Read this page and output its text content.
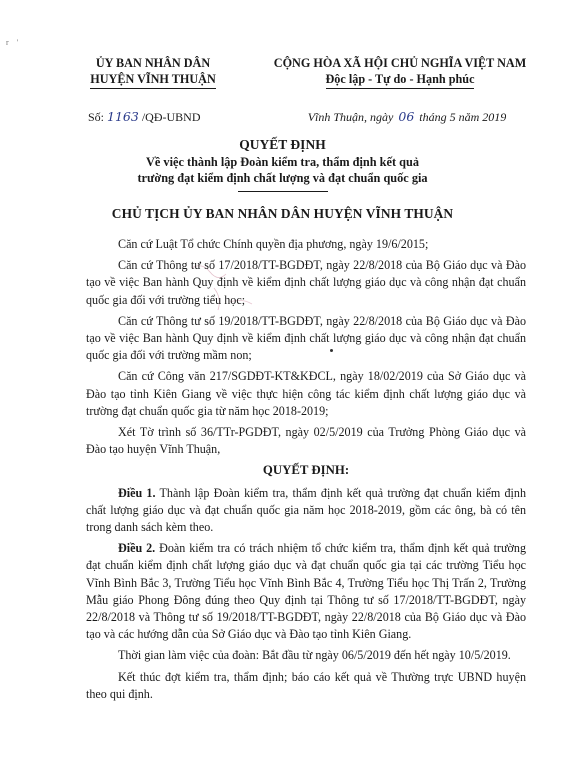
r    '
ỦY BAN NHÂN DÂN
HUYỆN VĨNH THUẬN
CỘNG HÒA XÃ HỘI CHỦ NGHĨA VIỆT NAM
Độc lập - Tự do - Hạnh phúc
Số: 1163 /QĐ-UBND	Vĩnh Thuận, ngày 06 tháng 5 năm 2019
QUYẾT ĐỊNH
Về việc thành lập Đoàn kiểm tra, thẩm định kết quả
trường đạt kiểm định chất lượng và đạt chuẩn quốc gia
CHỦ TỊCH ỦY BAN NHÂN DÂN HUYỆN VĨNH THUẬN

Căn cứ Luật Tổ chức Chính quyền địa phương, ngày 19/6/2015;

Căn cứ Thông tư số 17/2018/TT-BGDĐT, ngày 22/8/2018 của Bộ Giáo dục và Đào tạo về việc Ban hành Quy định về kiểm định chất lượng giáo dục và công nhận đạt chuẩn quốc gia đối với trường tiểu học;

Căn cứ Thông tư số 19/2018/TT-BGDĐT, ngày 22/8/2018 của Bộ Giáo dục và Đào tạo về việc Ban hành Quy định về kiểm định chất lượng giáo dục và công nhận đạt chuẩn quốc gia đối với trường mầm non;

Căn cứ Công văn 217/SGDĐT-KT&KĐCL, ngày 18/02/2019 của Sở Giáo dục và Đào tạo tỉnh Kiên Giang về việc thực hiện công tác kiểm định chất lượng giáo dục và trường đạt chuẩn quốc gia từ năm học 2018-2019;

Xét Tờ trình số 36/TTr-PGDĐT, ngày 02/5/2019 của Trưởng Phòng Giáo dục và Đào tạo huyện Vĩnh Thuận,

QUYẾT ĐỊNH:

Điều 1. Thành lập Đoàn kiểm tra, thẩm định kết quả trường đạt chuẩn kiểm định chất lượng giáo dục và đạt chuẩn quốc gia năm học 2018-2019, gồm các ông, bà có tên trong danh sách kèm theo.

Điều 2. Đoàn kiểm tra có trách nhiệm tổ chức kiểm tra, thẩm định kết quả trường đạt chuẩn kiểm định chất lượng giáo dục và đạt chuẩn quốc gia tại các trường Tiểu học Vĩnh Bình Bắc 3, Trường Tiểu học Vĩnh Bình Bắc 4, Trường Tiểu học Thị Trấn 2, Trường Mẫu giáo Phong Đông đúng theo Quy định tại Thông tư số 17/2018/TT-BGDĐT, ngày 22/8/2018 và Thông tư số 19/2018/TT-BGDĐT, ngày 22/8/2018 của Bộ Giáo dục và Đào tạo và các hướng dẫn của Sở Giáo dục và Đào tạo tỉnh Kiên Giang.

Thời gian làm việc của đoàn: Bắt đầu từ ngày 06/5/2019 đến hết ngày 10/5/2019.

Kết thúc đợt kiểm tra, thẩm định; báo cáo kết quả về Thường trực UBND huyện theo qui định.
